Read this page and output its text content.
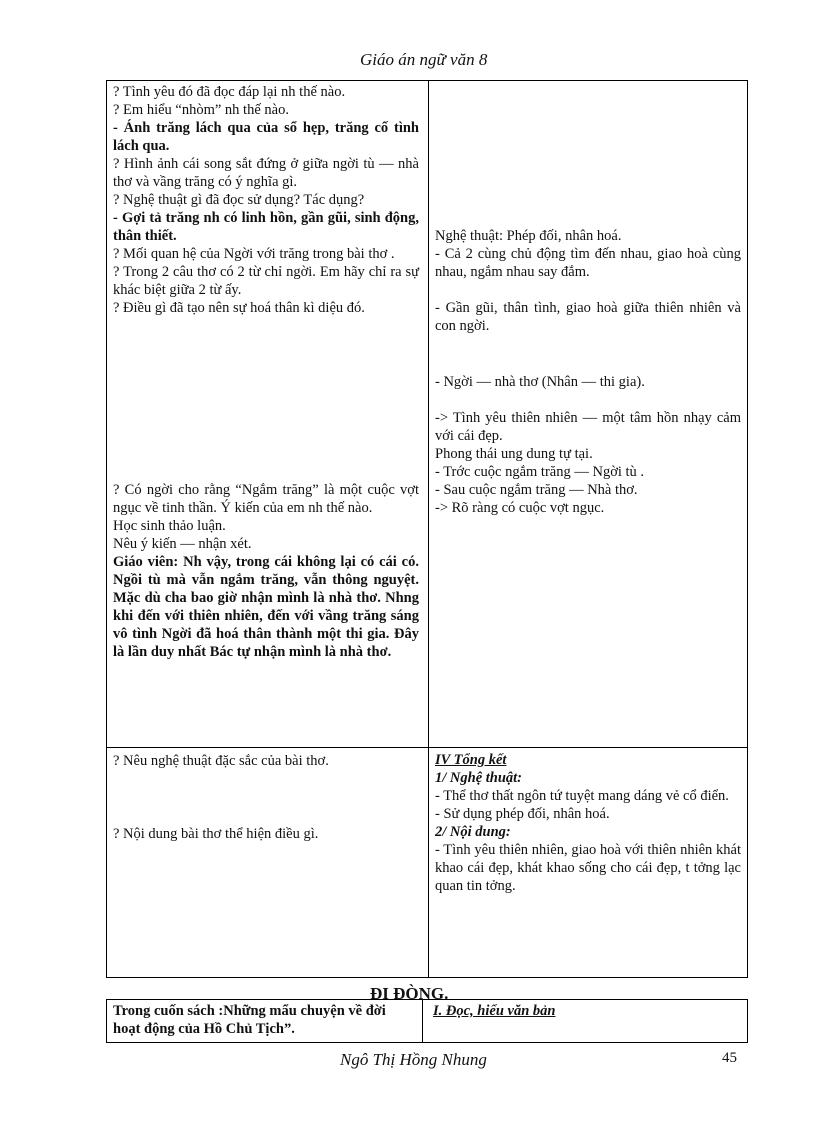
Giáo án ngữ văn 8

? Tình yêu đó đã đọc đáp lại nh thế nào.

? Em hiểu “nhòm” nh thế nào.

- Ánh trăng lách qua của sổ hẹp, trăng cố tình lách qua.

? Hình ảnh cái song sắt đứng ở giữa ngời tù — nhà thơ và vầng trăng có ý nghĩa gì.

? Nghệ thuật gì đã đọc sử dụng? Tác dụng?

- Gợi tả trăng nh có linh hồn, gần gũi, sinh động, thân thiết.

? Mối quan hệ của Ngời với trăng trong bài thơ .

? Trong 2 câu thơ có 2 từ chỉ ngời. Em hãy chỉ ra sự khác biệt giữa 2 từ ấy.

? Điều gì đã tạo nên sự hoá thân kì diệu đó.

? Có ngời cho rằng “Ngắm trăng” là một cuộc vợt ngục về tinh thần. Ý kiến của em nh thế nào.

Học sinh thảo luận.

Nêu ý kiến — nhận xét.

Giáo viên: Nh vậy, trong cái không lại có cái có. Ngồi tù mà vẫn ngắm trăng, vẫn thông nguyệt. Mặc dù cha bao giờ nhận mình là nhà thơ. Nhng khi đến với thiên nhiên, đến với vầng trăng sáng vô tình Ngời đã hoá thân thành một thi gia. Đây là lần duy nhất Bác tự nhận mình là nhà thơ.

? Nêu nghệ thuật đặc sắc của bài thơ.
? Nội dung bài thơ thể hiện điều gì.

Nghệ thuật: Phép đối, nhân hoá.

- Cả 2 cùng chủ động tìm đến nhau, giao hoà cùng nhau, ngắm nhau say đắm.

- Gần gũi, thân tình, giao hoà giữa thiên nhiên và con ngời.
- Ngời — nhà thơ (Nhân — thi gia).

-> Tình yêu thiên nhiên — một tâm hồn nhạy cảm với cái đẹp.

Phong thái ung dung tự tại.

- Trớc cuộc ngắm trăng — Ngời tù .

- Sau cuộc ngắm trăng — Nhà thơ.

-> Rõ ràng có cuộc vợt ngục.

IV Tổng kết

1/ Nghệ thuật:

- Thể thơ thất ngôn tứ tuyệt mang dáng vẻ cổ điển.

- Sử dụng phép đối, nhân hoá.

2/ Nội dung:

- Tình yêu thiên nhiên, giao hoà với thiên nhiên khát khao cái đẹp, khát khao sống cho cái đẹp, t tởng lạc quan tin tởng.

ĐI ĐÒNG.
Trong cuốn sách :Những mẩu chuyện về đời hoạt động của Hồ Chủ Tịch”.
I. Đọc, hiểu văn bản
Ngô Thị Hồng Nhung	45
